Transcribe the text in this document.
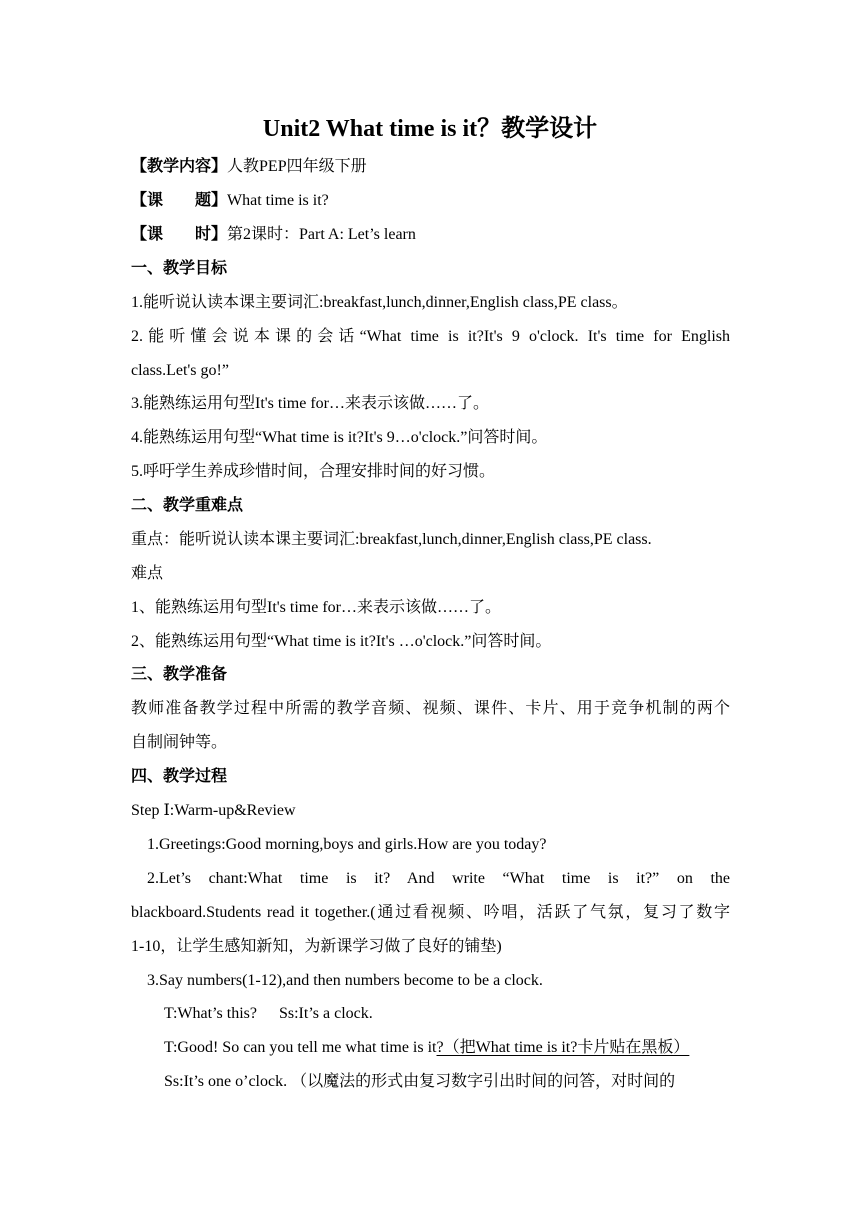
Unit2 What time is it？教学设计
【教学内容】人教PEP四年级下册
【课　　题】What time is it?
【课　　时】第2课时：Part A: Let’s learn
一、教学目标
1.能听说认读本课主要词汇:breakfast,lunch,dinner,English class,PE class。
2.能听懂会说本课的会话“What time is it?It's 9 o'clock. It's time for English
class.Let's go!”
3.能熟练运用句型It's time for…来表示该做……了。
4.能熟练运用句型“What time is it?It's 9…o'clock.”问答时间。
5.呼吁学生养成珍惜时间，合理安排时间的好习惯。
二、教学重难点
重点：能听说认读本课主要词汇:breakfast,lunch,dinner,English class,PE class.
难点
1、能熟练运用句型It's time for…来表示该做……了。
2、能熟练运用句型“What time is it?It's …o'clock.”问答时间。
三、教学准备
教师准备教学过程中所需的教学音频、视频、课件、卡片、用于竞争机制的两个
自制闹钟等。
四、教学过程
Step Ⅰ:Warm-up&Review
1.Greetings:Good morning,boys and girls.How are you today?
2.Let’s chant:What time is it? And write “What time is it?” on the
blackboard.Students read it together.(通过看视频、吟唱，活跃了气氛，复习了数字
1-10，让学生感知新知，为新课学习做了良好的铺垫)
3.Say numbers(1-12),and then numbers become to be a clock.
T:What’s this? Ss:It’s a clock.
T:Good! So can you tell me what time is it?（把What time is it?卡片贴在黑板）
Ss:It’s one o’clock. （以魔法的形式由复习数字引出时间的问答，对时间的
